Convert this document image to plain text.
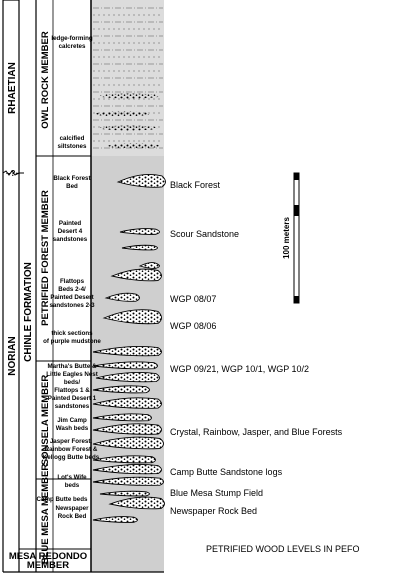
RHAETIAN
NORIAN
~?~
CHINLE FORMATION
OWL ROCK MEMBER
PETRIFIED FOREST MEMBER
SONSELA MEMBER
BLUE MESA MEMBER
MESA REDONDO
MEMBER
ledge-forming
calcretes
calcified
siltstones
Black Forest
Bed
Painted
Desert 4
sandstones
Flattops
Beds 2-4/
Painted Desert
sandstones 2-3
thick sections
of purple mudstone
Martha's Butte &
Little Eagles Nest
beds/
Flattops 1 &
Painted Desert 1
sandstones
Jim Camp
Wash beds
Jasper Forest,
Rainbow Forest &
Kellogg Butte beds
Lot's Wife
beds
Camp Butte beds
Newspaper
Rock Bed
Black Forest
Scour Sandstone
WGP 08/07
WGP 08/06
WGP 09/21, WGP 10/1, WGP 10/2
Crystal, Rainbow, Jasper, and Blue Forests
Camp Butte Sandstone logs
Blue Mesa Stump Field
Newspaper Rock Bed
100 meters
PETRIFIED WOOD LEVELS IN PEFO
